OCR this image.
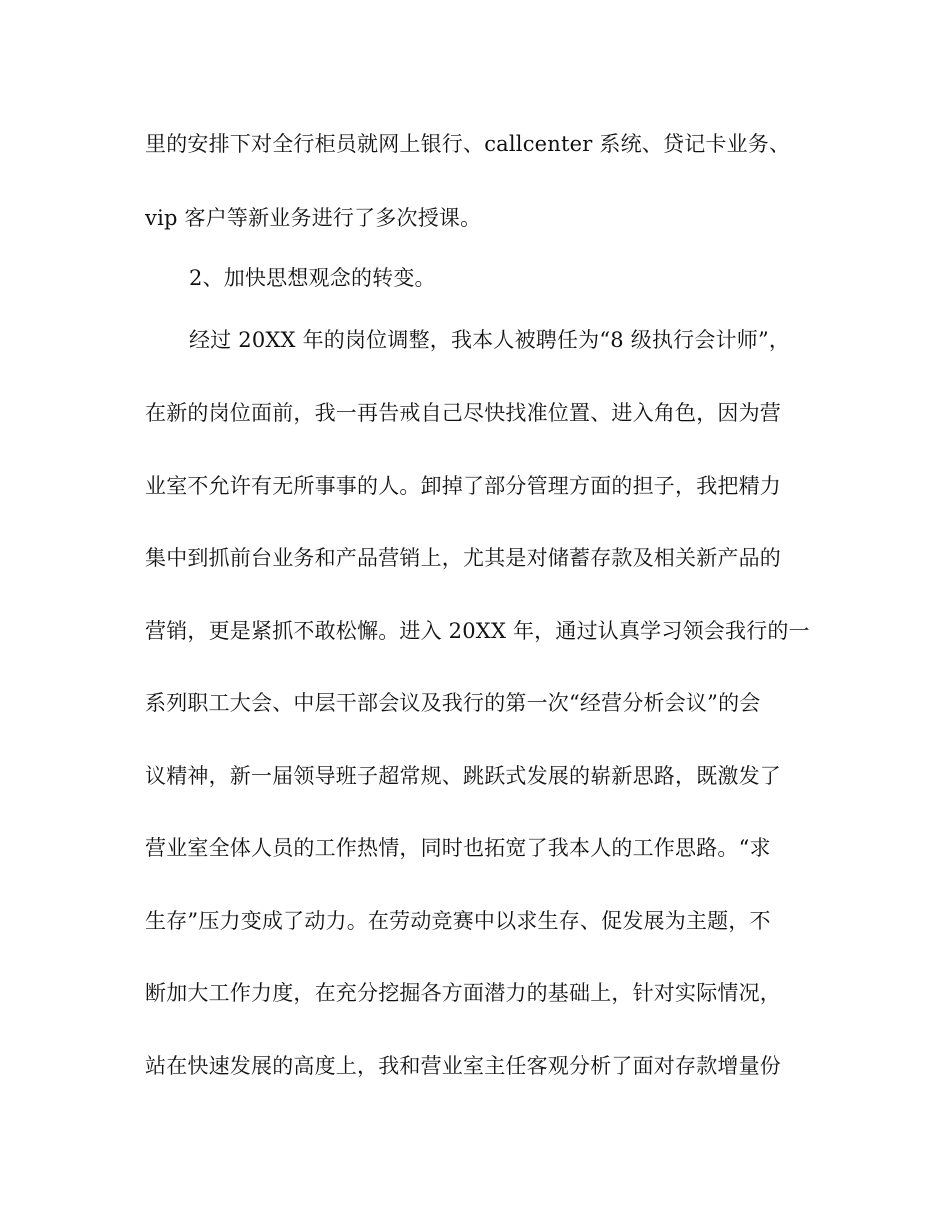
里的安排下对全行柜员就网上银行、callcenter 系统、贷记卡业务、
vip 客户等新业务进行了多次授课。
2、加快思想观念的转变。
经过 20XX 年的岗位调整，我本人被聘任为“8 级执行会计师”，
在新的岗位面前，我一再告戒自己尽快找准位置、进入角色，因为营
业室不允许有无所事事的人。卸掉了部分管理方面的担子，我把精力
集中到抓前台业务和产品营销上，尤其是对储蓄存款及相关新产品的
营销，更是紧抓不敢松懈。进入 20XX 年，通过认真学习领会我行的一
系列职工大会、中层干部会议及我行的第一次“经营分析会议”的会
议精神，新一届领导班子超常规、跳跃式发展的崭新思路，既激发了
营业室全体人员的工作热情，同时也拓宽了我本人的工作思路。“求
生存”压力变成了动力。在劳动竞赛中以求生存、促发展为主题，不
断加大工作力度，在充分挖掘各方面潜力的基础上，针对实际情况，
站在快速发展的高度上，我和营业室主任客观分析了面对存款增量份
